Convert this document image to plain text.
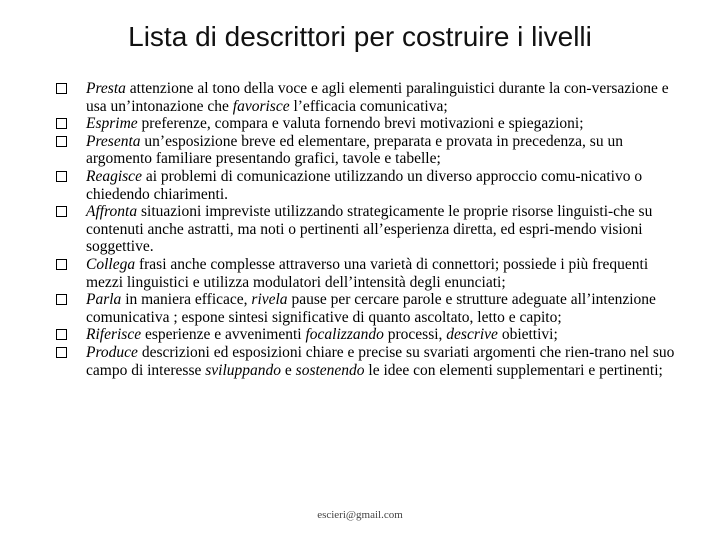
Lista di descrittori per costruire i livelli
Presta attenzione al tono della voce e agli elementi paralinguistici durante la con-versazione e usa un’intonazione che favorisce l’efficacia comunicativa;
Esprime preferenze, compara e valuta fornendo brevi motivazioni e spiegazioni;
Presenta un’esposizione breve ed elementare, preparata e provata in precedenza, su un argomento familiare presentando grafici, tavole e tabelle;
Reagisce ai problemi di comunicazione utilizzando un diverso approccio comu-nicativo o chiedendo chiarimenti.
Affronta situazioni impreviste utilizzando strategicamente le proprie risorse linguisti-che su contenuti anche astratti, ma noti o pertinenti all’esperienza diretta, ed espri-mendo visioni soggettive.
Collega frasi anche complesse attraverso una varietà di connettori; possiede i più frequenti mezzi linguistici e utilizza modulatori dell’intensità degli enunciati;
Parla in maniera efficace, rivela pause per cercare parole e strutture adeguate all’intenzione comunicativa ; espone sintesi significative di quanto ascoltato, letto e capito;
Riferisce esperienze e avvenimenti focalizzando processi, descrive obiettivi;
Produce descrizioni ed esposizioni chiare e precise su svariati argomenti che rien-trano nel suo campo di interesse sviluppando e sostenendo le idee con elementi supplementari e pertinenti;
escieri@gmail.com
